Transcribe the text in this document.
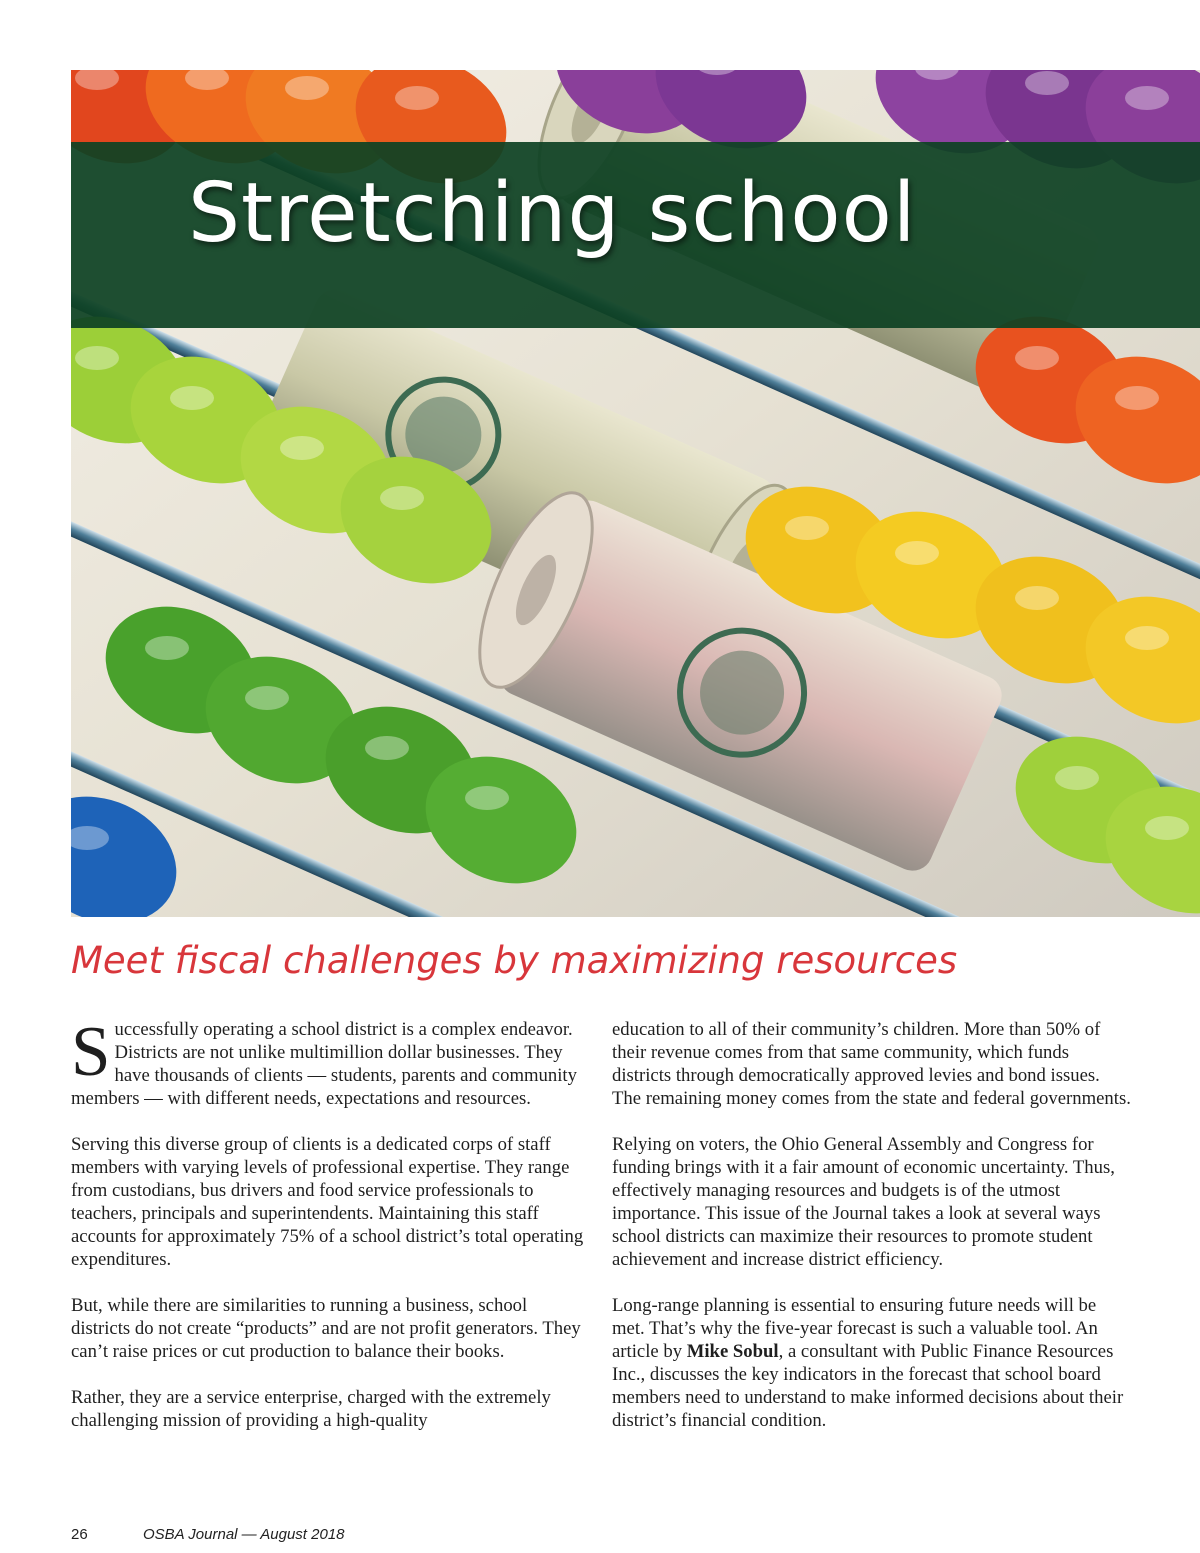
Stretching school
Meet fiscal challenges by maximizing resources

Successfully operating a school district is a complex endeavor. Districts are not unlike multimillion dollar businesses. They have thousands of clients — students, parents and community members — with different needs, expectations and resources.

Serving this diverse group of clients is a dedicated corps of staff members with varying levels of professional expertise. They range from custodians, bus drivers and food service professionals to teachers, principals and superintendents. Maintaining this staff accounts for approximately 75% of a school district’s total operating expenditures.

But, while there are similarities to running a business, school districts do not create “products” and are not profit generators. They can’t raise prices or cut production to balance their books.

Rather, they are a service enterprise, charged with the extremely challenging mission of providing a high-quality

education to all of their community’s children. More than 50% of their revenue comes from that same community, which funds districts through democratically approved levies and bond issues. The remaining money comes from the state and federal governments.

Relying on voters, the Ohio General Assembly and Congress for funding brings with it a fair amount of economic uncertainty. Thus, effectively managing resources and budgets is of the utmost importance. This issue of the Journal takes a look at several ways school districts can maximize their resources to promote student achievement and increase district efficiency.

Long-range planning is essential to ensuring future needs will be met. That’s why the five-year forecast is such a valuable tool. An article by Mike Sobul, a consultant with Public Finance Resources Inc., discusses the key indicators in the forecast that school board members need to understand to make informed decisions about their district’s financial condition.

26	OSBA Journal — August 2018
